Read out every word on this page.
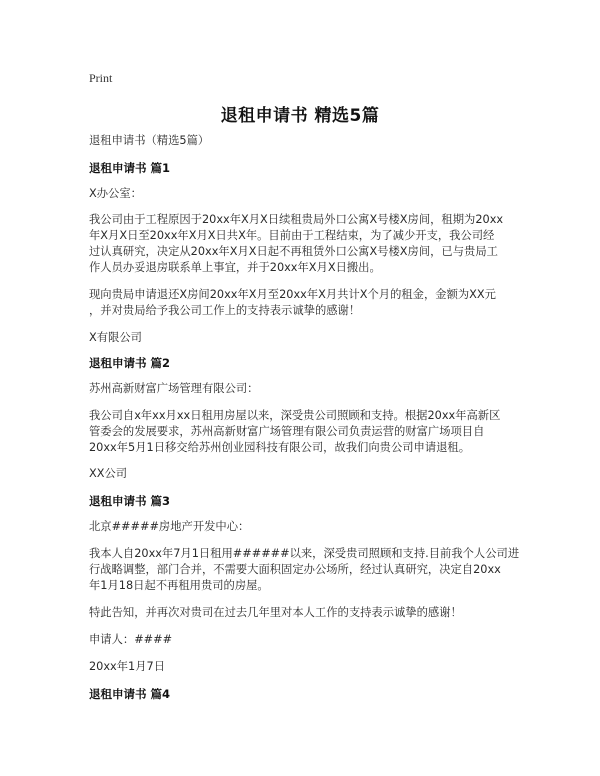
Print
退租申请书 精选5篇
退租申请书（精选5篇）
退租申请书 篇1
X办公室：
我公司由于工程原因于20xx年X月X日续租贵局外口公寓X号楼X房间，租期为20xx
年X月X日至20xx年X月X日共X年。目前由于工程结束，为了减少开支，我公司经
过认真研究，决定从20xx年X月X日起不再租赁外口公寓X号楼X房间，已与贵局工
作人员办妥退房联系单上事宜，并于20xx年X月X日搬出。
现向贵局申请退还X房间20xx年X月至20xx年X月共计X个月的租金，金额为XX元
，并对贵局给予我公司工作上的支持表示诚挚的感谢！
X有限公司
退租申请书 篇2
苏州高新财富广场管理有限公司：
我公司自x年xx月xx日租用房屋以来，深受贵公司照顾和支持。根据20xx年高新区
管委会的发展要求，苏州高新财富广场管理有限公司负责运营的财富广场项目自
20xx年5月1日移交给苏州创业园科技有限公司，故我们向贵公司申请退租。
XX公司
退租申请书 篇3
北京#####房地产开发中心：
我本人自20xx年7月1日租用######以来，深受贵司照顾和支持.目前我个人公司进
行战略调整，部门合并，不需要大面积固定办公场所，经过认真研究，决定自20xx
年1月18日起不再租用贵司的房屋。
特此告知，并再次对贵司在过去几年里对本人工作的支持表示诚挚的感谢！
申请人：####
20xx年1月7日
退租申请书 篇4
